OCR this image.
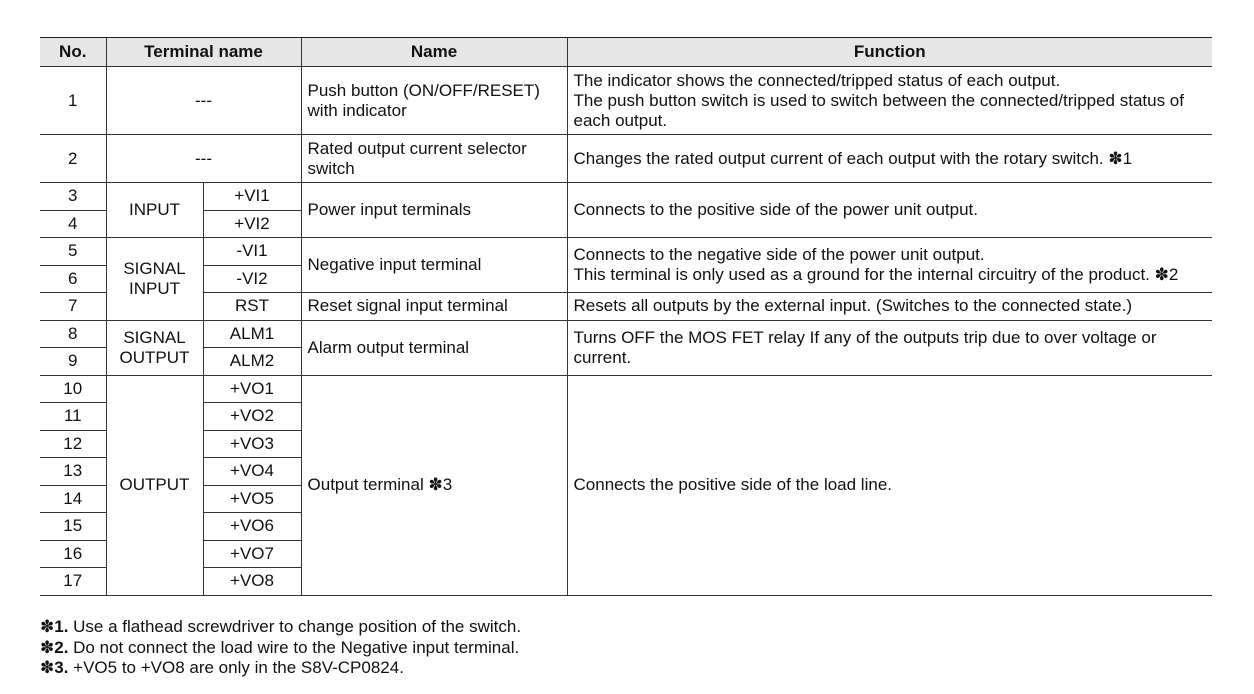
No.	Terminal name		Name	Function
1	---		Push button (ON/OFF/RESET) with indicator	The indicator shows the connected/tripped status of each output.
The push button switch is used to switch between the connected/tripped status of each output.

2	---		Rated output current selector switch	Changes the rated output current of each output with the rotary switch. ✽1
3	INPUT	+VI1	Power input terminals	Connects to the positive side of the power unit output.
4		+VI2		
5	SIGNAL INPUT	-VI1	Negative input terminal	Connects to the negative side of the power unit output.
This terminal is only used as a ground for the internal circuitry of the product. ✽2

6		-VI2		
7		RST	Reset signal input terminal	Resets all outputs by the external input. (Switches to the connected state.)
8	SIGNAL OUTPUT	ALM1	Alarm output terminal	Turns OFF the MOS FET relay If any of the outputs trip due to over voltage or current.
9		ALM2		
10	OUTPUT	+VO1	Output terminal ✽3	Connects the positive side of the load line.
11		+VO2		
12		+VO3		
13		+VO4		
14		+VO5		
15		+VO6		
16		+VO7		
17		+VO8		
✽1. Use a flathead screwdriver to change position of the switch.
✽2. Do not connect the load wire to the Negative input terminal.
✽3. +VO5 to +VO8 are only in the S8V-CP0824.
